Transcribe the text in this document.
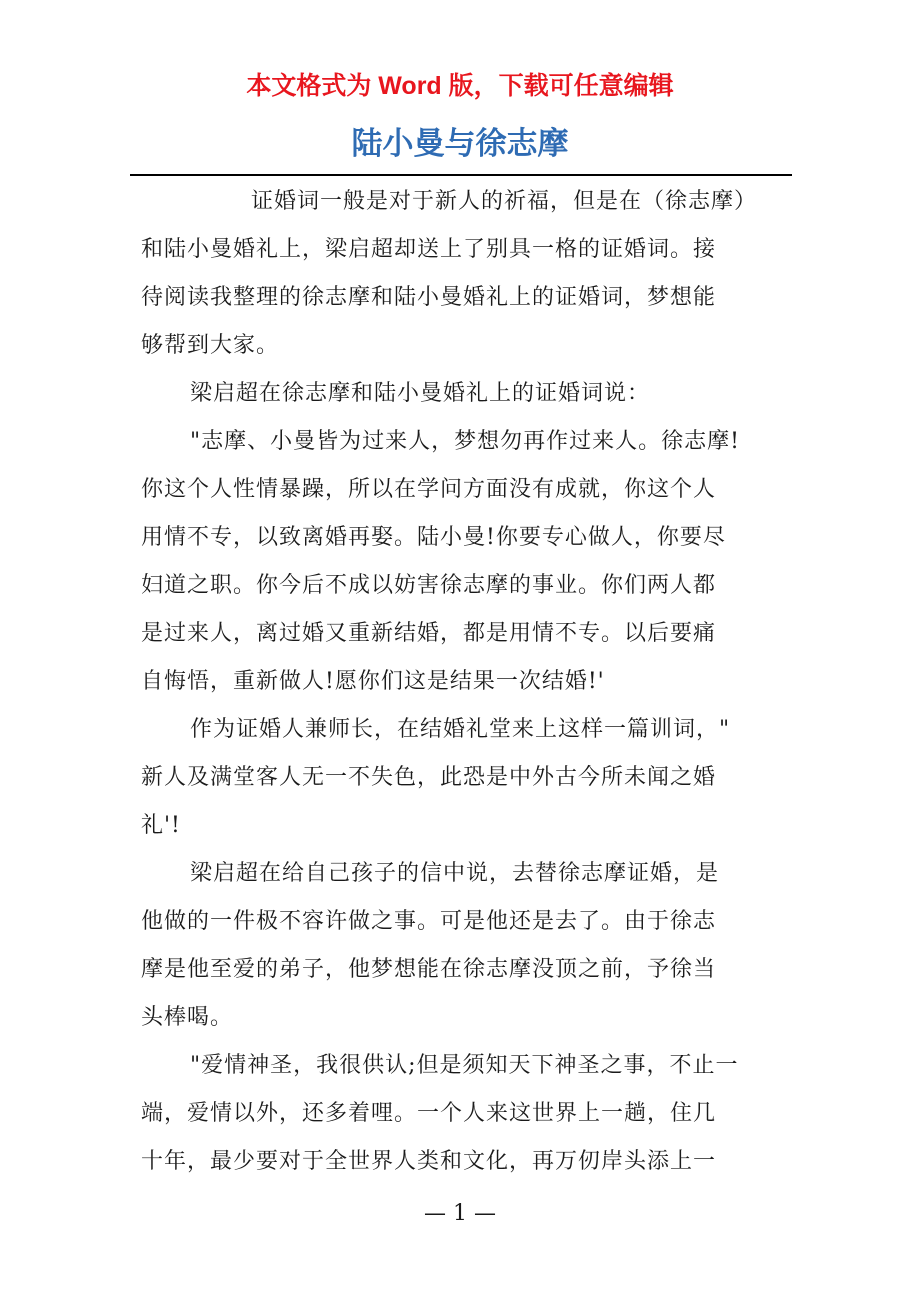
本文格式为 Word 版，下载可任意编辑
陆小曼与徐志摩

证婚词一般是对于新人的祈福，但是在（徐志摩）
和陆小曼婚礼上，梁启超却送上了别具一格的证婚词。接
待阅读我整理的徐志摩和陆小曼婚礼上的证婚词，梦想能
够帮到大家。

梁启超在徐志摩和陆小曼婚礼上的证婚词说：

"志摩、小曼皆为过来人，梦想勿再作过来人。徐志摩!
你这个人性情暴躁，所以在学问方面没有成就，你这个人
用情不专，以致离婚再娶。陆小曼!你要专心做人，你要尽
妇道之职。你今后不成以妨害徐志摩的事业。你们两人都
是过来人，离过婚又重新结婚，都是用情不专。以后要痛
自悔悟，重新做人!愿你们这是结果一次结婚!'

作为证婚人兼师长，在结婚礼堂来上这样一篇训词，"
新人及满堂客人无一不失色，此恐是中外古今所未闻之婚
礼'!

梁启超在给自己孩子的信中说，去替徐志摩证婚，是
他做的一件极不容许做之事。可是他还是去了。由于徐志
摩是他至爱的弟子，他梦想能在徐志摩没顶之前，予徐当
头棒喝。

"爱情神圣，我很供认;但是须知天下神圣之事，不止一
端，爱情以外，还多着哩。一个人来这世界上一趟，住几
十年，最少要对于全世界人类和文化，再万仞岸头添上一

— 1 —
